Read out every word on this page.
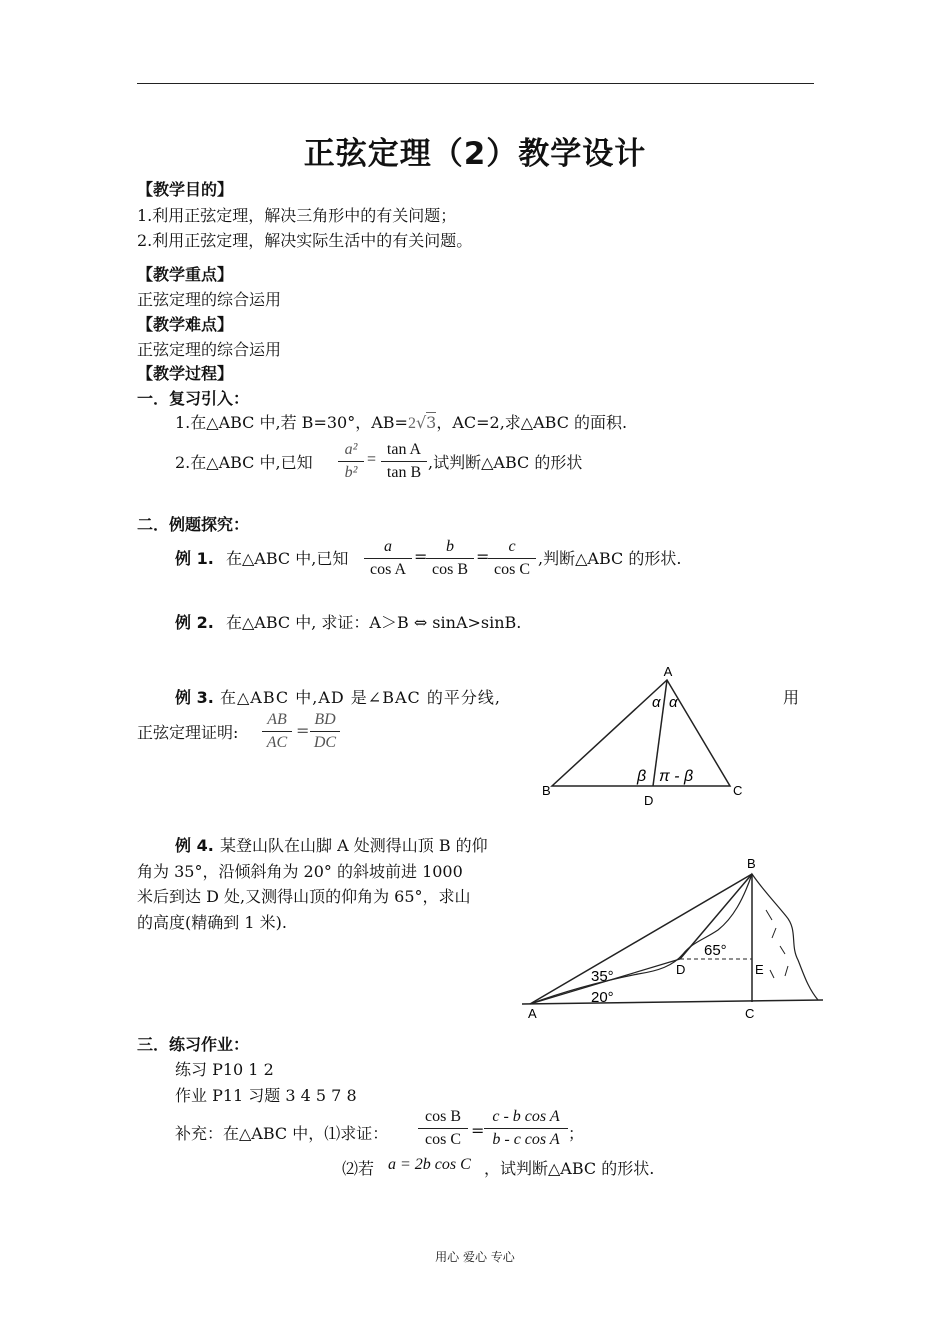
正弦定理（2）教学设计
【教学目的】
1.利用正弦定理，解决三角形中的有关问题；
2.利用正弦定理，解决实际生活中的有关问题。
【教学重点】
正弦定理的综合运用
【教学难点】
正弦定理的综合运用
【教学过程】
一．复习引入：
1.在△ABC 中,若 B=30°，AB=2√3，AC=2,求△ABC 的面积.
2.在△ABC 中,已知
a²
b²
=
tan A
tan B
,试判断△ABC 的形状
二．例题探究：
例 1. 在△ABC 中,已知
a
cos A
=
b
cos B
=
c
cos C
,判断△ABC 的形状.
例 2. 在△ABC 中, 求证：A＞B ⇔ sinA>sinB.
例 3. 在△ABC 中,AD 是∠BAC 的平分线,	用
正弦定理证明:
AB
AC
=
BD
DC
A
B	C
D
α α
β π - β
例 4. 某登山队在山脚 A 处测得山顶 B 的仰
角为 35°，沿倾斜角为 20° 的斜坡前进 1000
米后到达 D 处,又测得山顶的仰角为 65°，求山
的高度(精确到 1 米).
A
B
C
D	E
35°
20°
65°
三．练习作业：
练习 P10 1 2
作业 P11 习题 3 4 5 7 8
补充：在△ABC 中，⑴求证：
cos B
cos C =
c - b cos A
b - c cos A ；
⑵若 a = 2b cos C ，试判断△ABC 的形状.
用心 爱心 专心
